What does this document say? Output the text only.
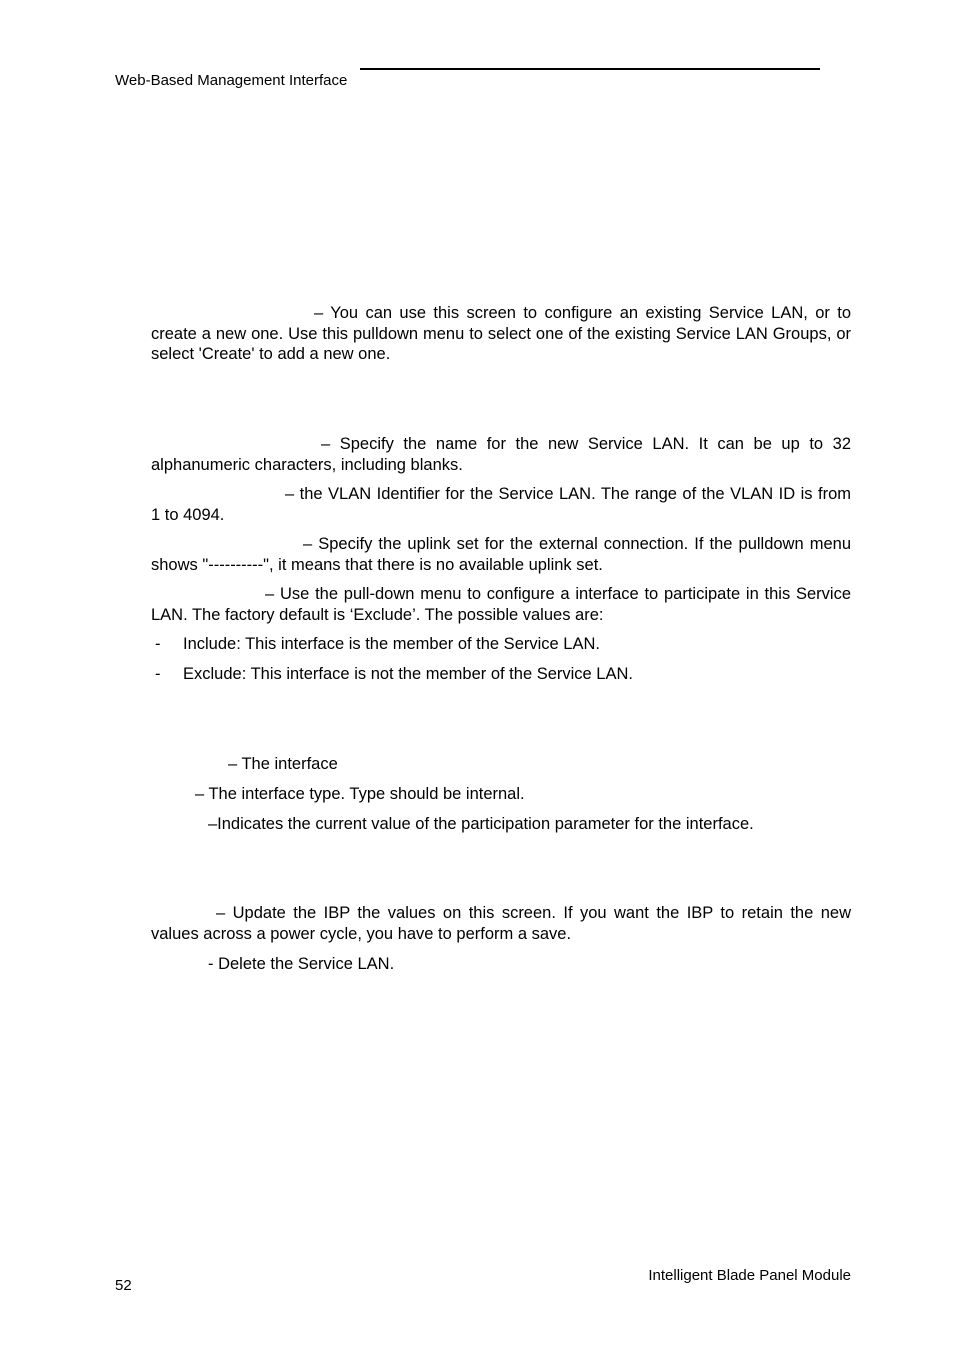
Web-Based Management Interface
– You can use this screen to configure an existing Service LAN, or to create a new one. Use this pulldown menu to select one of the existing Service LAN Groups, or select 'Create' to add a new one.
– Specify the name for the new Service LAN. It can be up to 32 alphanumeric characters, including blanks.
– the VLAN Identifier for the Service LAN. The range of the VLAN ID is from 1 to 4094.
– Specify the uplink set for the external connection. If the pulldown menu shows "----------", it means that there is no available uplink set.
– Use the pull-down menu to configure a interface to participate in this Service LAN. The factory default is ‘Exclude’. The possible values are:
- Include: This interface is the member of the Service LAN.
- Exclude: This interface is not the member of the Service LAN.
– The interface
– The interface type. Type should be internal.
–Indicates the current value of the participation parameter for the interface.
– Update the IBP the values on this screen. If you want the IBP to retain the new values across a power cycle, you have to perform a save.
- Delete the Service LAN.
52
Intelligent Blade Panel Module
